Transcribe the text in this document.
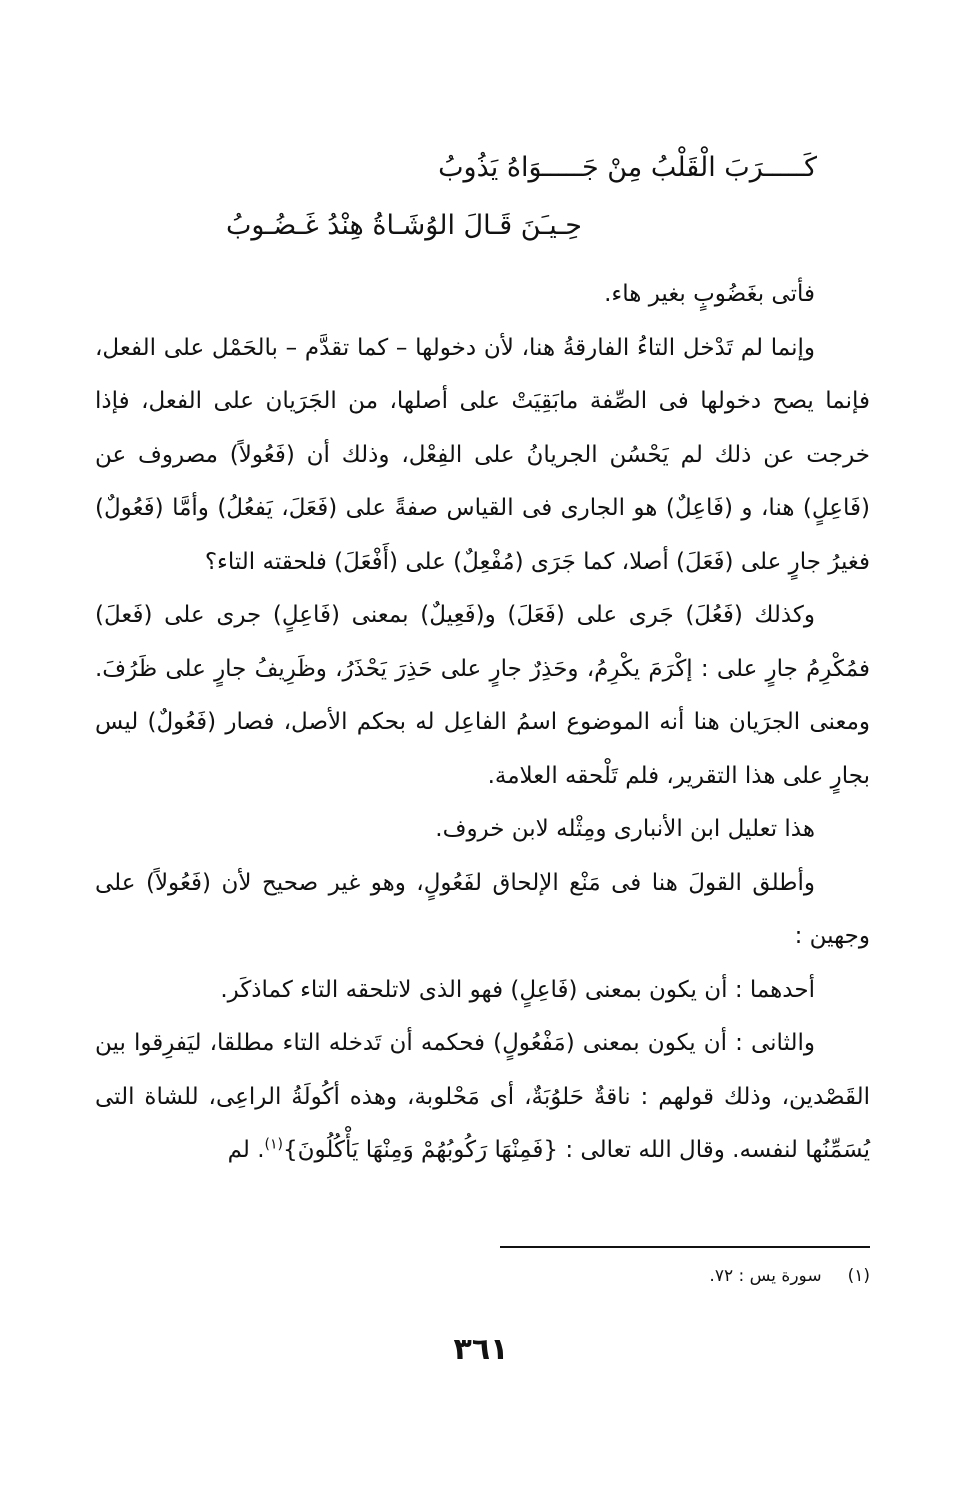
كَـــــرَبَ الْقَلْبُ مِنْ جَـــــوَاهُ يَذُوبُ
حِـيـَنَ قَـالَ الوُشَـاةُ هِنْدُ غَـضُـوبُ

فأتى بغَضُوبٍ بغير هاء.

وإنما لم تَدْخل التاءُ الفارقةُ هنا، لأن دخولها – كما تقدَّم – بالحَمْل على الفعل، فإنما يصح دخولها فى الصِّفة مابَقِيَتْ على أصلها، من الجَرَيان على الفعل، فإذا خرجت عن ذلك لم يَحْسُن الجريانُ على الفِعْل، وذلك أن (فَعُولاً) مصروف عن (فَاعِلٍ) هنا، و (فَاعِلٌ) هو الجارى فى القياس صفةً على (فَعَلَ، يَفعُلُ) وأمَّا (فَعُولٌ) فغيرُ جارٍ على (فَعَلَ) أصلا، كما جَرَى (مُفْعِلٌ) على (أَفْعَلَ) فلحقته التاء؟

وكذلك (فَعُلَ) جَرى على (فَعَلَ) و(فَعِيلٌ) بمعنى (فَاعِلٍ) جرى على (فَعلَ) فمُكْرِمُ جارٍ على : إكْرَمَ يكْرِمُ، وحَذِرٌ جارٍ على حَذِرَ يَحْذَرُ، وظَرِيفُ جارٍ على ظَرُفَ. ومعنى الجرَيان هنا أنه الموضوع اسمُ الفاعِل له بحكم الأصل، فصار (فَعُولٌ) ليس بجارٍ على هذا التقرير، فلم تَلْحقه العلامة.

هذا تعليل ابن الأنبارى ومِثْله لابن خروف.

وأطلق القولَ هنا فى مَنْع الإلحاق لفَعُولٍ، وهو غير صحيح لأن (فَعُولاً) على وجهين :

أحدهما : أن يكون بمعنى (فَاعِلٍ) فهو الذى لاتلحقه التاء كماذكَر.

والثانى : أن يكون بمعنى (مَفْعُولٍ) فحكمه أن تَدخله التاء مطلقا، ليَفرِقوا بين القَصْدين، وذلك قولهم : ناقةٌ حَلوُبَةٌ، أى مَحْلوبة، وهذه أكُولَةُ الراعِى، للشاة التى يُسَمِّنُها لنفسه. وقال الله تعالى : {فَمِنْهَا رَكُوبُهُمْ وَمِنْهَا يَأْكُلُونَ}$^{(١)}$. لم

(١)سورة يس : ٧٢.
٣٦١
